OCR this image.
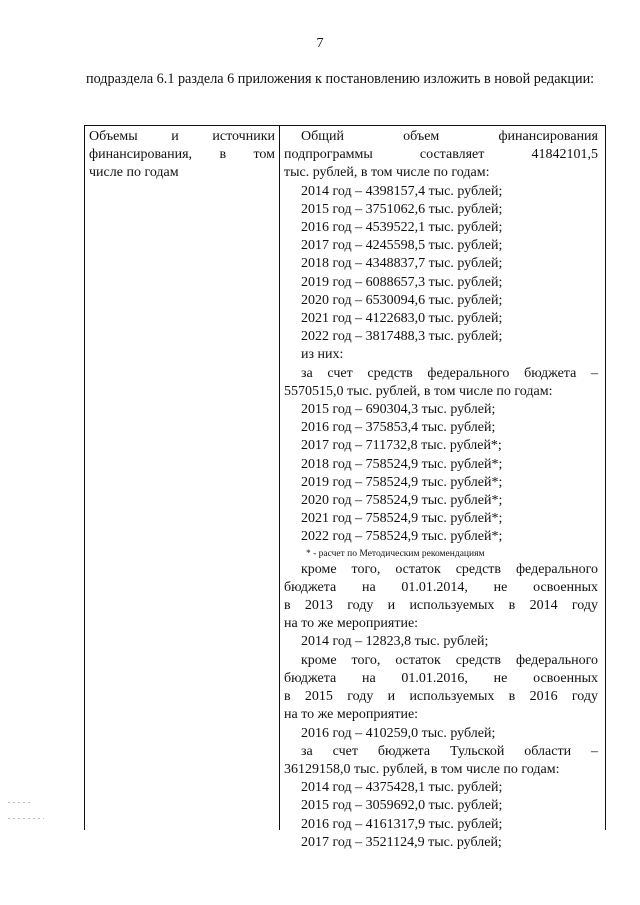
7
подраздела 6.1 раздела 6 приложения к постановлению изложить в новой редакции:
Объемы и источники
финансирования, в том
числе по годам
Общий объем финансирования
подпрограммы составляет 41842101,5
тыс. рублей, в том числе по годам:
2014 год – 4398157,4 тыс. рублей;
2015 год – 3751062,6 тыс. рублей;
2016 год – 4539522,1 тыс. рублей;
2017 год – 4245598,5 тыс. рублей;
2018 год – 4348837,7 тыс. рублей;
2019 год – 6088657,3 тыс. рублей;
2020 год – 6530094,6 тыс. рублей;
2021 год – 4122683,0 тыс. рублей;
2022 год – 3817488,3 тыс. рублей;
из них:
за счет средств федерального бюджета –
5570515,0 тыс. рублей, в том числе по годам:
2015 год – 690304,3 тыс. рублей;
2016 год – 375853,4 тыс. рублей;
2017 год – 711732,8 тыс. рублей*;
2018 год – 758524,9 тыс. рублей*;
2019 год – 758524,9 тыс. рублей*;
2020 год – 758524,9 тыс. рублей*;
2021 год – 758524,9 тыс. рублей*;
2022 год – 758524,9 тыс. рублей*;
* - расчет по Методическим рекомендациям
кроме того, остаток средств федерального
бюджета на 01.01.2014, не освоенных
в 2013 году и используемых в 2014 году
на то же мероприятие:
2014 год – 12823,8 тыс. рублей;
кроме того, остаток средств федерального
бюджета на 01.01.2016, не освоенных
в 2015 году и используемых в 2016 году
на то же мероприятие:
2016 год – 410259,0 тыс. рублей;
за счет бюджета Тульской области –
36129158,0 тыс. рублей, в том числе по годам:
2014 год – 4375428,1 тыс. рублей;
2015 год – 3059692,0 тыс. рублей;
2016 год – 4161317,9 тыс. рублей;
2017 год – 3521124,9 тыс. рублей;
